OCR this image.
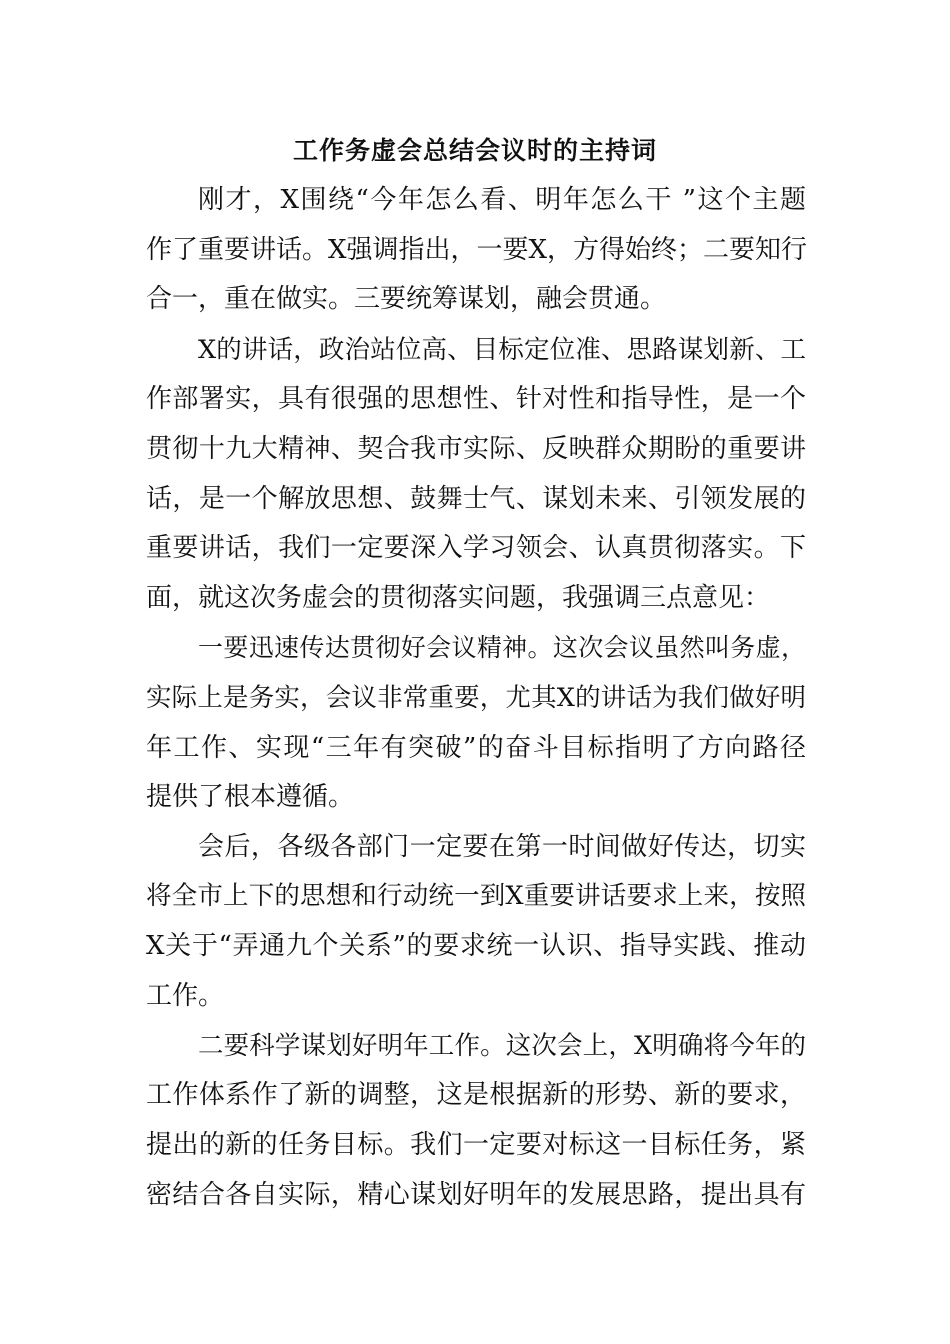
工作务虚会总结会议时的主持词
刚才，X围绕“今年怎么看、明年怎么干 ”这个主题
作了重要讲话。X强调指出，一要X，方得始终；二要知行
合一，重在做实。三要统筹谋划，融会贯通。
X的讲话，政治站位高、目标定位准、思路谋划新、工
作部署实，具有很强的思想性、针对性和指导性，是一个
贯彻十九大精神、契合我市实际、反映群众期盼的重要讲
话，是一个解放思想、鼓舞士气、谋划未来、引领发展的
重要讲话，我们一定要深入学习领会、认真贯彻落实。下
面，就这次务虚会的贯彻落实问题，我强调三点意见：
一要迅速传达贯彻好会议精神。这次会议虽然叫务虚，
实际上是务实，会议非常重要，尤其X的讲话为我们做好明
年工作、实现“三年有突破”的奋斗目标指明了方向路径
提供了根本遵循。
会后，各级各部门一定要在第一时间做好传达，切实
将全市上下的思想和行动统一到X重要讲话要求上来，按照
X关于“弄通九个关系”的要求统一认识、指导实践、推动
工作。
二要科学谋划好明年工作。这次会上，X明确将今年的
工作体系作了新的调整，这是根据新的形势、新的要求，
提出的新的任务目标。我们一定要对标这一目标任务，紧
密结合各自实际，精心谋划好明年的发展思路，提出具有
